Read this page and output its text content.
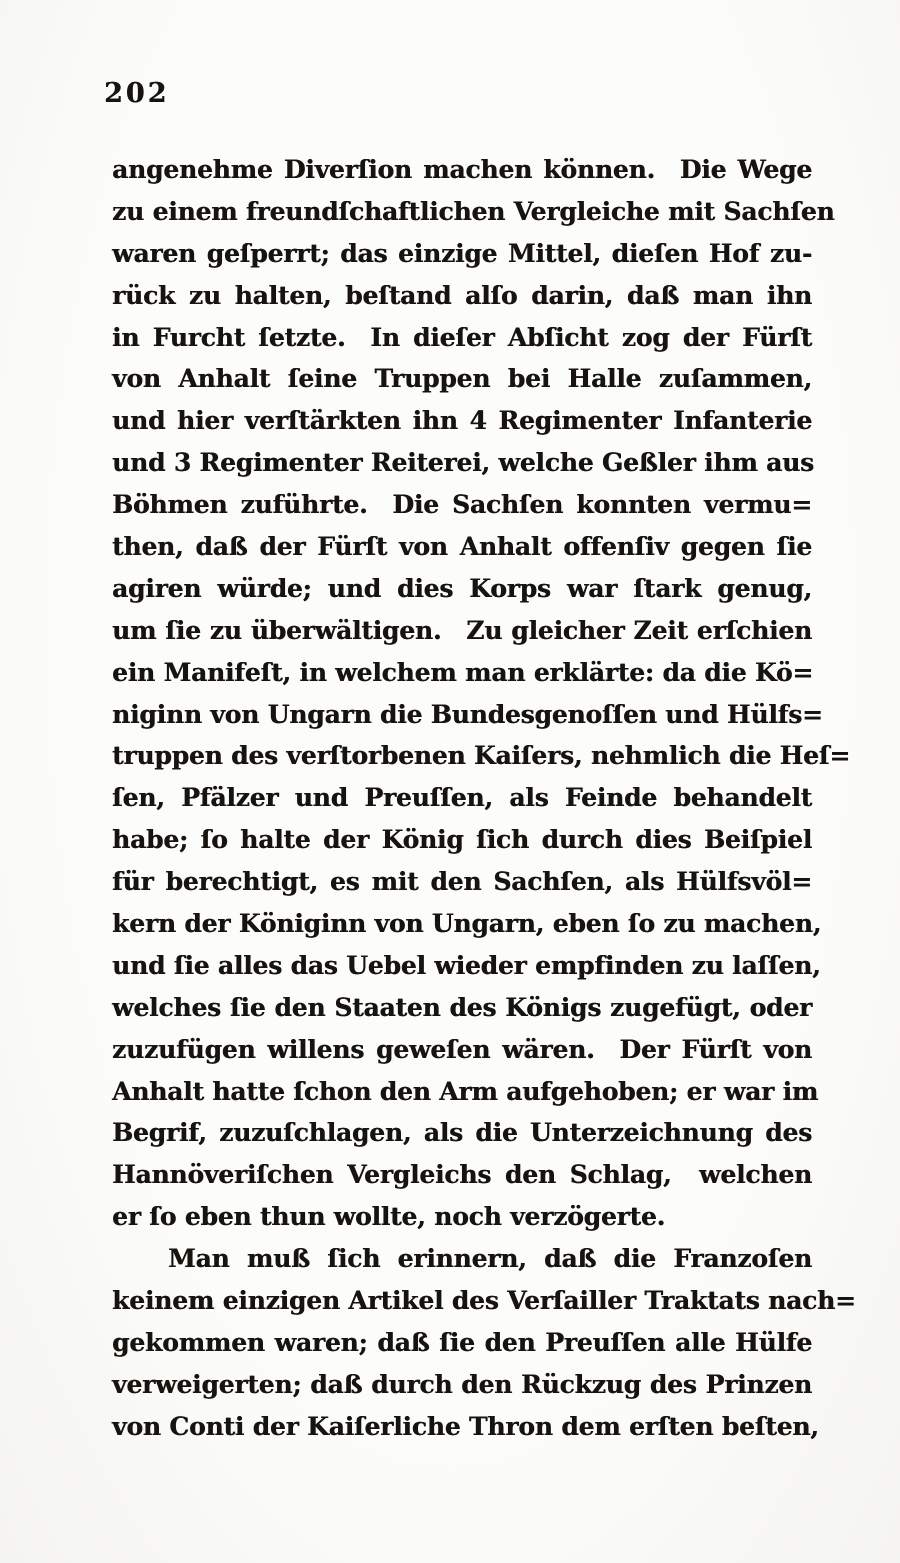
202
angenehme Diverſion machen können. Die Wege
zu einem freundſchaftlichen Vergleiche mit Sachſen
waren geſperrt; das einzige Mittel, dieſen Hof zu-
rück zu halten, beſtand alſo darin, daß man ihn
in Furcht ſetzte. In dieſer Abſicht zog der Fürſt
von Anhalt ſeine Truppen bei Halle zuſammen,
und hier verſtärkten ihn 4 Regimenter Infanterie
und 3 Regimenter Reiterei, welche Geßler ihm aus
Böhmen zuführte. Die Sachſen konnten vermu=
then, daß der Fürſt von Anhalt offenſiv gegen ſie
agiren würde; und dies Korps war ſtark genug,
um ſie zu überwältigen. Zu gleicher Zeit erſchien
ein Manifeſt, in welchem man erklärte: da die Kö=
niginn von Ungarn die Bundesgenoſſen und Hülfs=
truppen des verſtorbenen Kaiſers, nehmlich die Heſ=
ſen, Pfälzer und Preuſſen, als Feinde behandelt
habe; ſo halte der König ſich durch dies Beiſpiel
für berechtigt, es mit den Sachſen, als Hülfsvöl=
kern der Königinn von Ungarn, eben ſo zu machen,
und ſie alles das Uebel wieder empfinden zu laſſen,
welches ſie den Staaten des Königs zugefügt, oder
zuzufügen willens geweſen wären. Der Fürſt von
Anhalt hatte ſchon den Arm aufgehoben; er war im
Begrif, zuzuſchlagen, als die Unterzeichnung des
Hannöveriſchen Vergleichs den Schlag,  welchen
er ſo eben thun wollte, noch verzögerte.
Man muß ſich erinnern, daß die Franzoſen
keinem einzigen Artikel des Verſailler Traktats nach=
gekommen waren; daß ſie den Preuſſen alle Hülfe
verweigerten; daß durch den Rückzug des Prinzen
von Conti der Kaiſerliche Thron dem erſten beſten,
